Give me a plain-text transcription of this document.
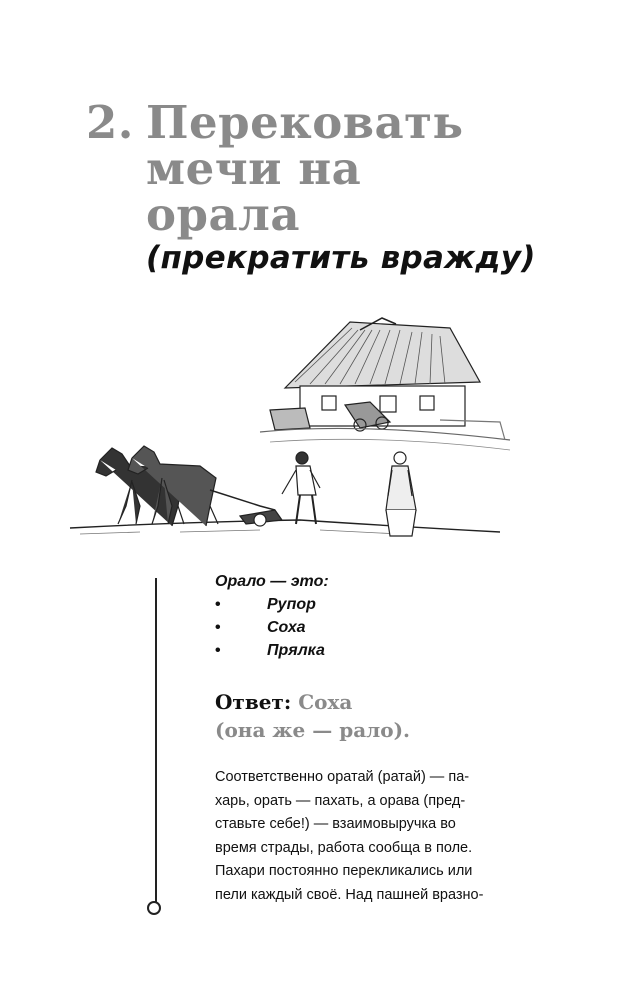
2. Перековать
мечи на
орала
(прекратить вражду)
Орало — это:
•	Рупор
•	Соха
•	Прялка
Ответ: Соха
(она же — рало).
Соответственно оратай (ратай) — па-
харь, орать — пахать, а орава (пред-
ставьте себе!) — взаимовыручка во
время страды, работа сообща в поле.
Пахари постоянно перекликались или
пели каждый своё. Над пашней вразно-
